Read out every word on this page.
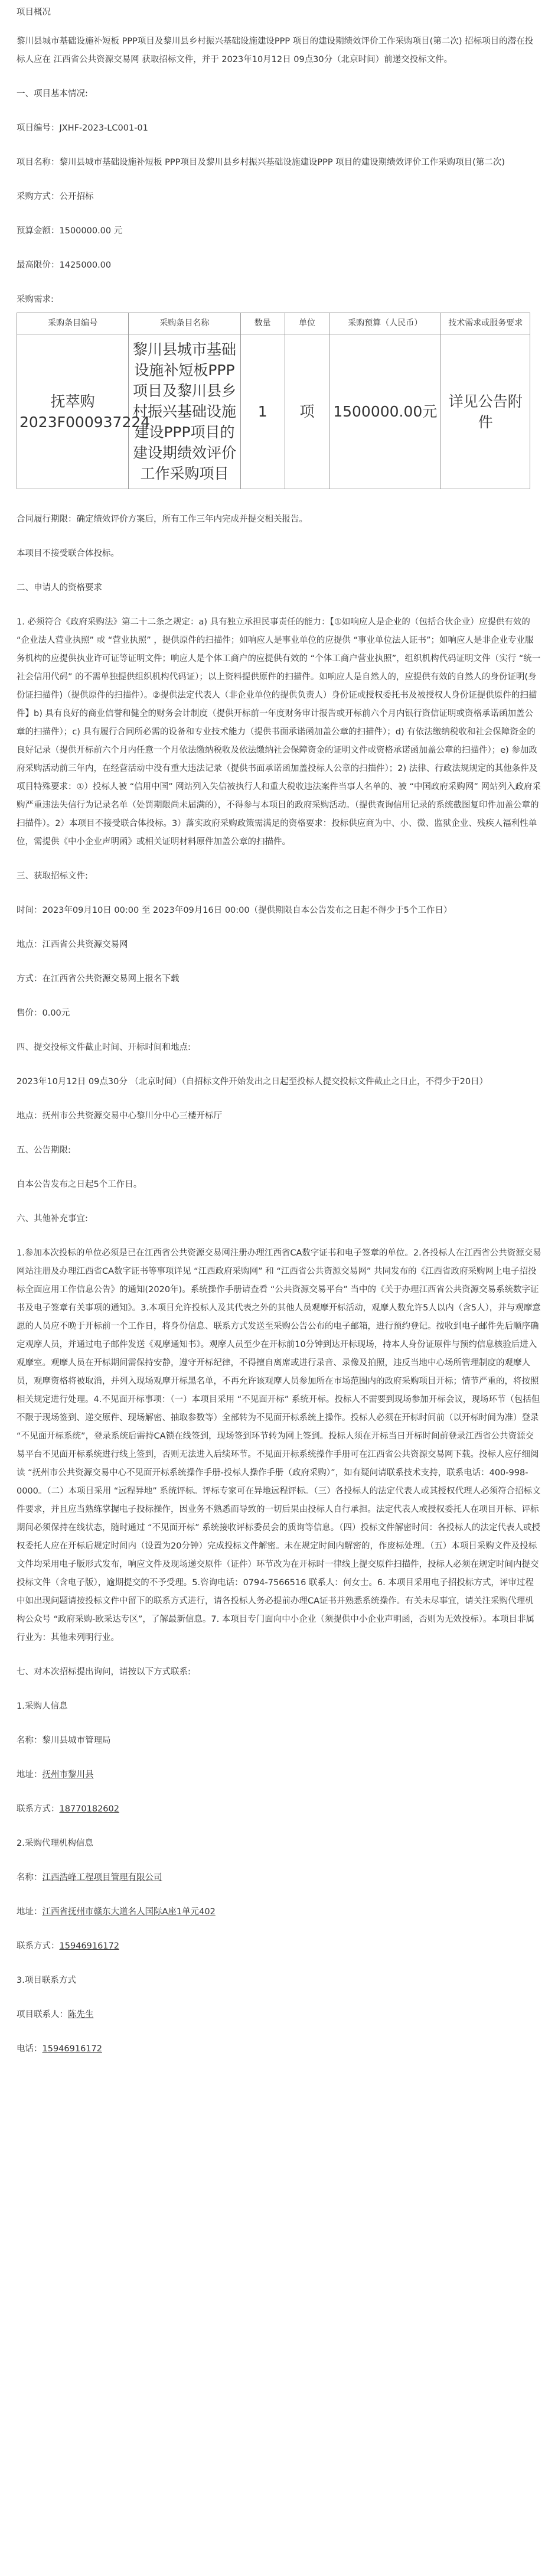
项目概况
黎川县城市基础设施补短板 PPP项目及黎川县乡村振兴基础设施建设PPP 项目的建设期绩效评价工作采购项目(第二次) 招标项目的潜在投标人应在 江西省公共资源交易网 获取招标文件，并于 2023年10月12日 09点30分（北京时间）前递交投标文件。
一、项目基本情况:
项目编号：JXHF-2023-LC001-01
项目名称：黎川县城市基础设施补短板 PPP项目及黎川县乡村振兴基础设施建设PPP 项目的建设期绩效评价工作采购项目(第二次)
采购方式：公开招标
预算金额：1500000.00 元
最高限价：1425000.00
采购需求:
采购条目编号	采购条目名称	数量	单位	采购预算（人民币）	技术需求或服务要求
抚萃购2023F000937224	黎川县城市基础设施补短板PPP项目及黎川县乡村振兴基础设施建设PPP项目的建设期绩效评价工作采购项目	1	项	1500000.00元	详见公告附件
合同履行期限：确定绩效评价方案后，所有工作三年内完成并提交相关报告。
本项目不接受联合体投标。
二、申请人的资格要求
1. 必须符合《政府采购法》第二十二条之规定：a) 具有独立承担民事责任的能力：【①如响应人是企业的（包括合伙企业）应提供有效的 “企业法人营业执照” 或 “营业执照” ，提供原件的扫描件；如响应人是事业单位的应提供 “事业单位法人证书”；如响应人是非企业专业服务机构的应提供执业许可证等证明文件；响应人是个体工商户的应提供有效的 “个体工商户营业执照”，组织机构代码证明文件（实行 “统一社会信用代码” 的不需单独提供组织机构代码证）；以上资料提供原件的扫描件。如响应人是自然人的，应提供有效的自然人的身份证明(身份证扫描件)（提供原件的扫描件）。②提供法定代表人（非企业单位的提供负责人）身份证或授权委托书及被授权人身份证提供原件的扫描件】b) 具有良好的商业信誉和健全的财务会计制度（提供开标前一年度财务审计报告或开标前六个月内银行资信证明或资格承诺函加盖公章的扫描件）；c) 具有履行合同所必需的设备和专业技术能力（提供书面承诺函加盖公章的扫描件）；d) 有依法缴纳税收和社会保障资金的良好记录（提供开标前六个月内任意一个月依法缴纳税收及依法缴纳社会保障资金的证明文件或资格承诺函加盖公章的扫描件）；e) 参加政府采购活动前三年内，在经营活动中没有重大违法记录（提供书面承诺函加盖投标人公章的扫描件）；2) 法律、行政法规规定的其他条件及项目特殊要求：①）投标人被 “信用中国” 网站列入失信被执行人和重大税收违法案件当事人名单的、被 “中国政府采购网” 网站列入政府采购严重违法失信行为记录名单（处罚期限尚未届满的），不得参与本项目的政府采购活动。（提供查询信用记录的系统截图复印件加盖公章的扫描件）。2）本项目不接受联合体投标。3）落实政府采购政策需满足的资格要求：投标供应商为中、小、微、监狱企业、残疾人福利性单位，需提供《中小企业声明函》或相关证明材料原件加盖公章的扫描件。
三、获取招标文件:
时间：2023年09月10日 00:00 至 2023年09月16日 00:00（提供期限自本公告发布之日起不得少于5个工作日）
地点：江西省公共资源交易网
方式：在江西省公共资源交易网上报名下载
售价：0.00元
四、提交投标文件截止时间、开标时间和地点:
2023年10月12日 09点30分 （北京时间）（自招标文件开始发出之日起至投标人提交投标文件截止之日止，不得少于20日）
地点：抚州市公共资源交易中心黎川分中心三楼开标厅
五、公告期限:
自本公告发布之日起5个工作日。
六、其他补充事宜:
1.参加本次投标的单位必须是已在江西省公共资源交易网注册办理江西省CA数字证书和电子签章的单位。2.各投标人在江西省公共资源交易网站注册及办理江西省CA数字证书等事项详见 “江西政府采购网” 和 “江西省公共资源交易网” 共同发布的《江西省政府采购网上电子招投标全面应用工作信息公告》的通知(2020年)。系统操作手册请查看 “公共资源交易平台” 当中的《关于办理江西省公共资源交易系统数字证书及电子签章有关事项的通知》。3.本项目允许投标人及其代表之外的其他人员观摩开标活动，观摩人数允许5人以内（含5人），并与观摩意愿的人员应不晚于开标前一个工作日，将身份信息、联系方式发送至采购公告公布的电子邮箱，进行预约登记。按收到电子邮件先后顺序确定观摩人员，并通过电子邮件发送《观摩通知书》。观摩人员至少在开标前10分钟到达开标现场，持本人身份证原件与预约信息核验后进入观摩室。观摩人员在开标期间需保持安静，遵守开标纪律，不得擅自离席或进行录音、录像及拍照，违反当地中心场所管理制度的观摩人员，观摩资格将被取消，并列入现场观摩开标黑名单，不再允许该观摩人员参加所在市场范围内的政府采购项目开标；情节严重的，将按照相关规定进行处理。4.不见面开标事项：（一）本项目采用 “不见面开标” 系统开标。投标人不需要到现场参加开标会议，现场环节（包括但不限于现场签到、递交原件、现场解密、抽取参数等）全部转为不见面开标系统上操作。投标人必须在开标时间前（以开标时间为准）登录 “不见面开标系统”，登录系统后需持CA锁在线签到，现场签到环节转为网上签到。投标人须在开标当日开标时间前登录江西省公共资源交易平台不见面开标系统进行线上签到，否则无法进入后续环节。不见面开标系统操作手册可在江西省公共资源交易网下载。投标人应仔细阅读 “抚州市公共资源交易中心不见面开标系统操作手册-投标人操作手册（政府采购）”，如有疑问请联系技术支持，联系电话：400-998-0000。（二）本项目采用 “远程异地” 系统评标。评标专家可在异地远程评标。（三）各投标人的法定代表人或其授权代理人必须符合招标文件要求，并且应当熟练掌握电子投标操作，因业务不熟悉而导致的一切后果由投标人自行承担。法定代表人或授权委托人在项目开标、评标期间必须保持在线状态，随时通过 “不见面开标” 系统接收评标委员会的质询等信息。（四）投标文件解密时间：各投标人的法定代表人或授权委托人应在开标后规定时间内（设置为20分钟）完成投标文件解密。未在规定时间内解密的，作废标处理。（五）本项目采购文件及投标文件均采用电子版形式发布，响应文件及现场递交原件（证件）环节改为在开标时一律线上提交原件扫描件，投标人必须在规定时间内提交投标文件（含电子版），逾期提交的不予受理。5.咨询电话：0794-7566516 联系人：何女士。6. 本项目采用电子招投标方式，评审过程中如出现问题请按投标文件中留下的联系方式进行，请各投标人务必提前办理CA证书并熟悉系统操作。有关未尽事宜，请关注采购代理机构公众号 “政府采购-欧采达专区”，了解最新信息。7. 本项目专门面向中小企业（须提供中小企业声明函，否则为无效投标）。本项目非属行业为：其他未列明行业。
七、对本次招标提出询问，请按以下方式联系:
1.采购人信息
名称：黎川县城市管理局
地址：抚州市黎川县
联系方式：18770182602
2.采购代理机构信息
名称：江西浩峰工程项目管理有限公司
地址：江西省抚州市赣东大道名人国际A座1单元402
联系方式：15946916172
3.项目联系方式
项目联系人：陈先生
电话：15946916172
